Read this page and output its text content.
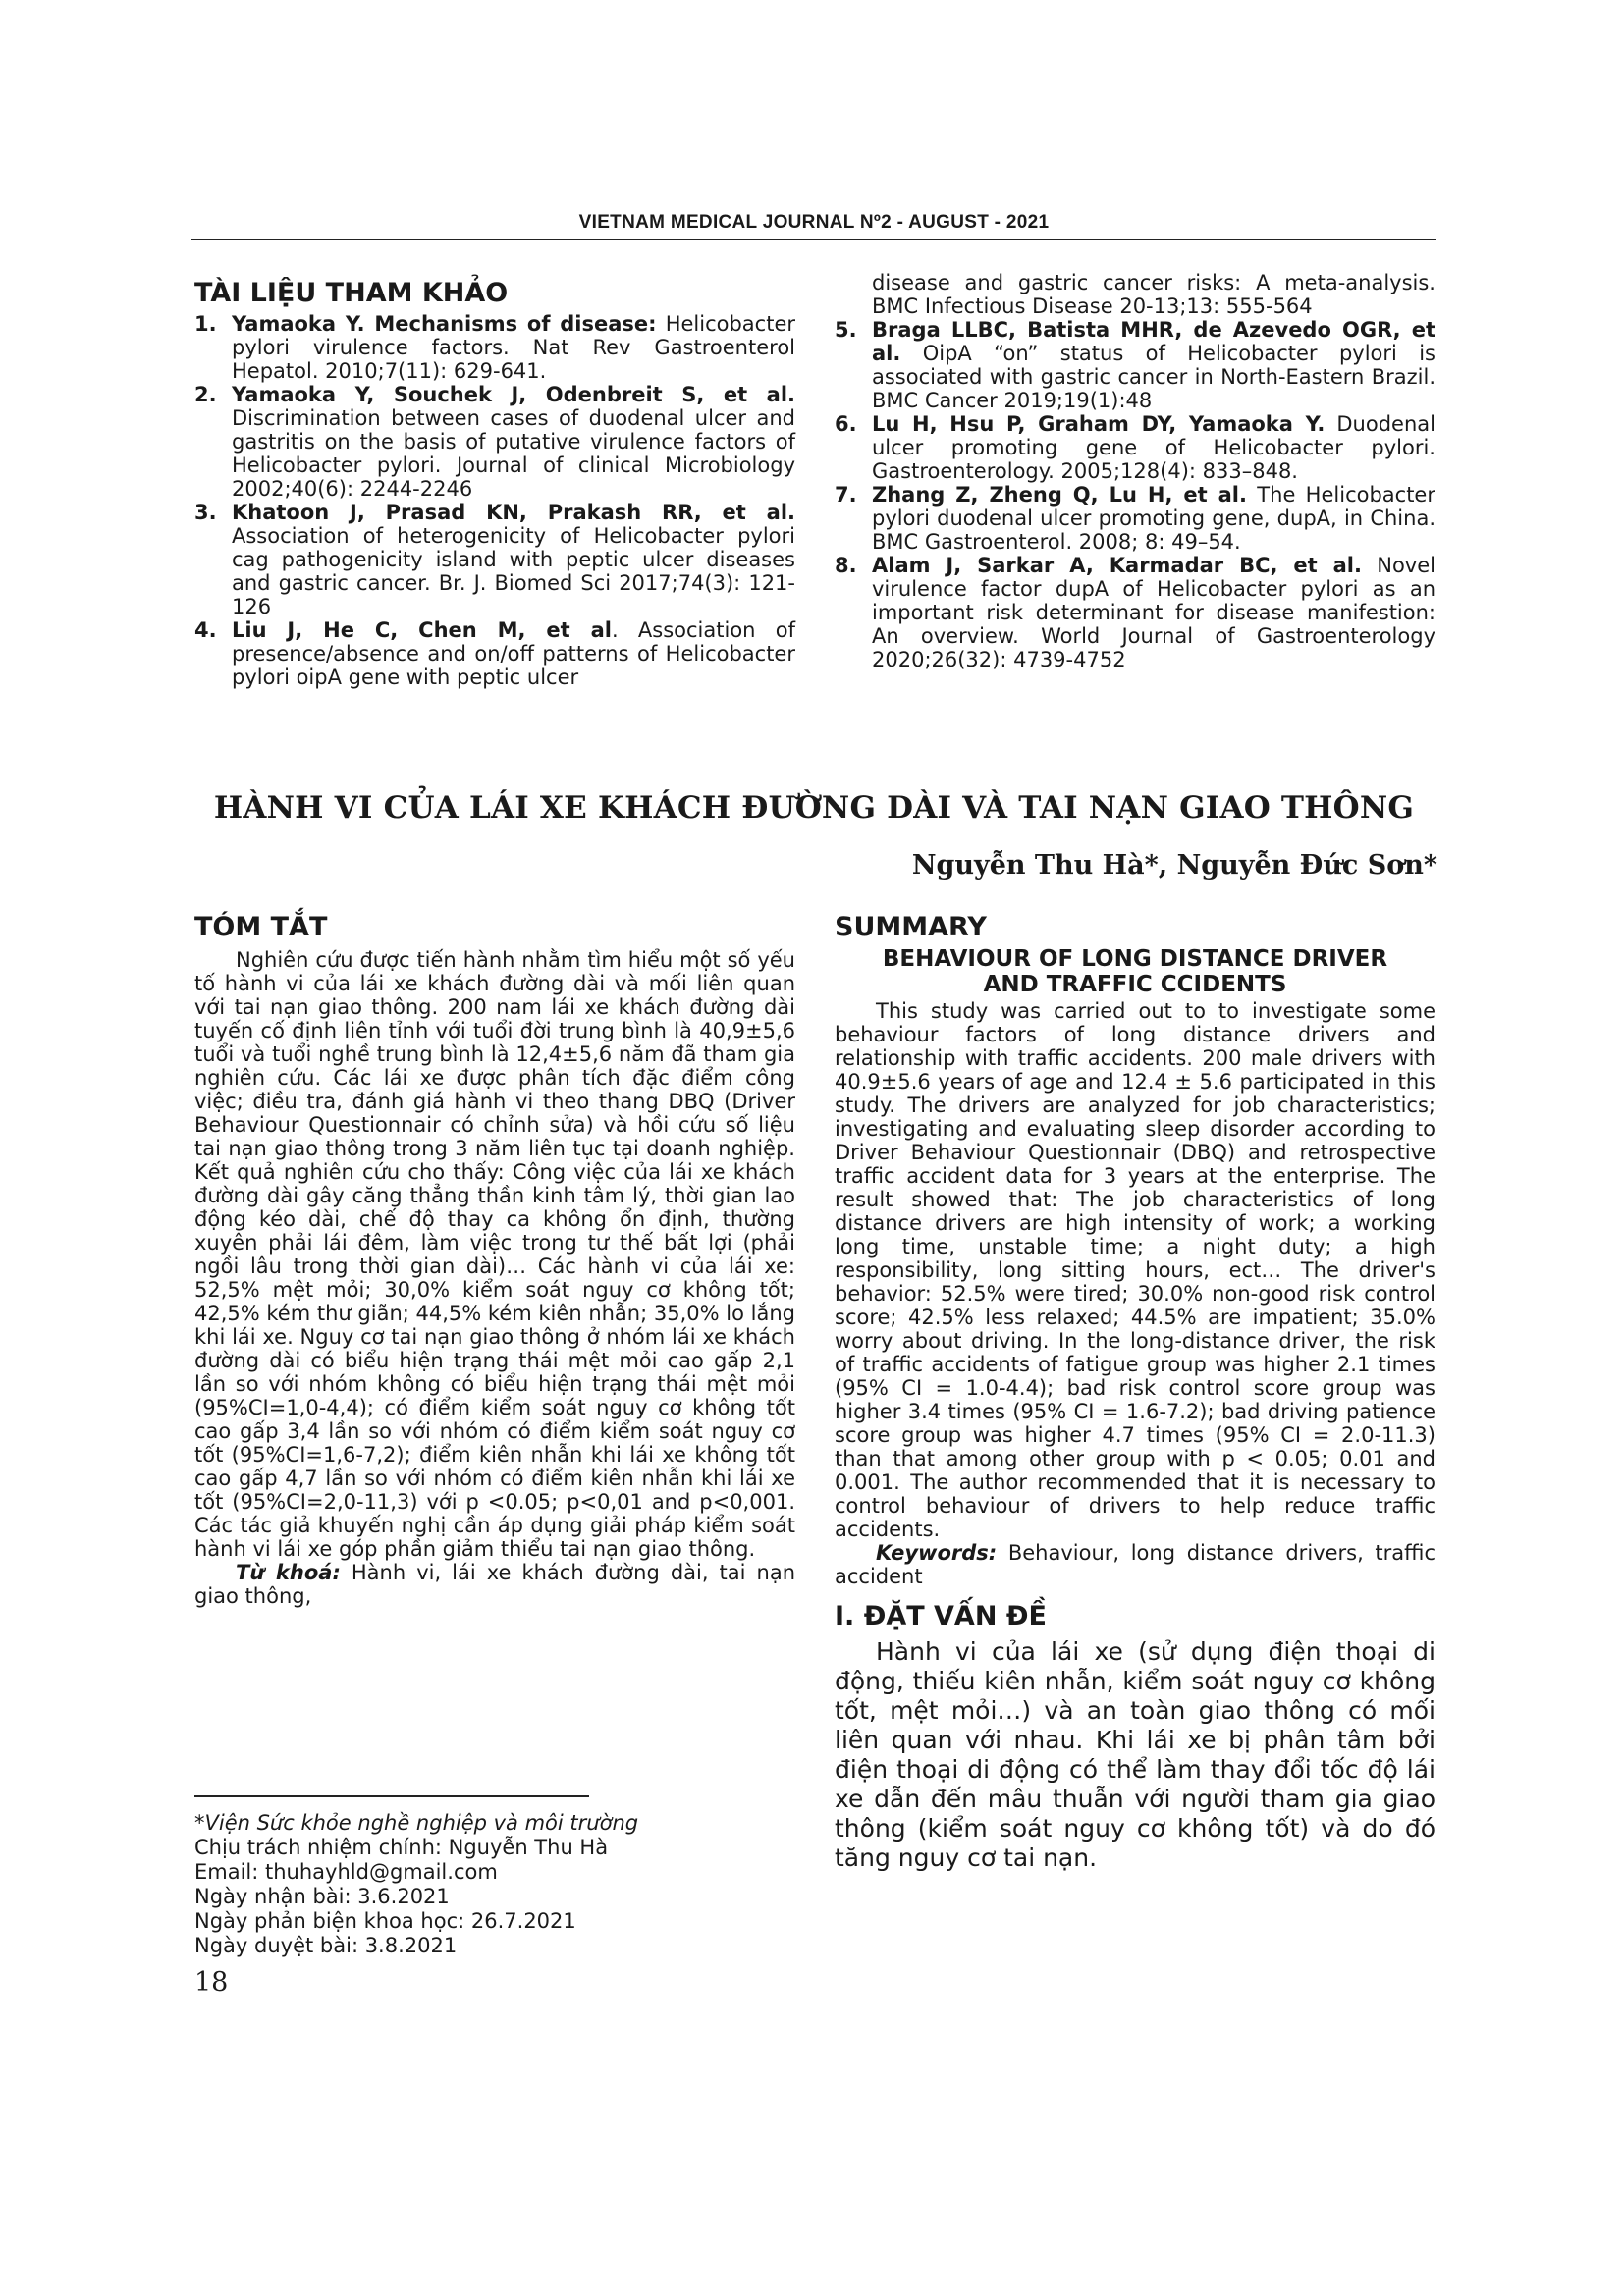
VIETNAM MEDICAL JOURNAL Nº2 - AUGUST - 2021
TÀI LIỆU THAM KHẢO
1. Yamaoka Y. Mechanisms of disease: Helicobacter pylori virulence factors. Nat Rev Gastroenterol Hepatol. 2010;7(11): 629-641.
2. Yamaoka Y, Souchek J, Odenbreit S, et al. Discrimination between cases of duodenal ulcer and gastritis on the basis of putative virulence factors of Helicobacter pylori. Journal of clinical Microbiology 2002;40(6): 2244-2246
3. Khatoon J, Prasad KN, Prakash RR, et al. Association of heterogenicity of Helicobacter pylori cag pathogenicity island with peptic ulcer diseases and gastric cancer. Br. J. Biomed Sci 2017;74(3): 121-126
4. Liu J, He C, Chen M, et al. Association of presence/absence and on/off patterns of Helicobacter pylori oipA gene with peptic ulcer

disease and gastric cancer risks: A meta-analysis. BMC Infectious Disease 20-13;13: 555-564

5. Braga LLBC, Batista MHR, de Azevedo OGR, et al. OipA “on” status of Helicobacter pylori is associated with gastric cancer in North-Eastern Brazil. BMC Cancer 2019;19(1):48
6. Lu H, Hsu P, Graham DY, Yamaoka Y. Duodenal ulcer promoting gene of Helicobacter pylori. Gastroenterology. 2005;128(4): 833–848.
7. Zhang Z, Zheng Q, Lu H, et al. The Helicobacter pylori duodenal ulcer promoting gene, dupA, in China. BMC Gastroenterol. 2008; 8: 49–54.
8. Alam J, Sarkar A, Karmadar BC, et al. Novel virulence factor dupA of Helicobacter pylori as an important risk determinant for disease manifestion: An overview. World Journal of Gastroenterology 2020;26(32): 4739-4752
HÀNH VI CỦA LÁI XE KHÁCH ĐƯỜNG DÀI VÀ TAI NẠN GIAO THÔNG
Nguyễn Thu Hà*, Nguyễn Đức Sơn*
TÓM TẮT

Nghiên cứu được tiến hành nhằm tìm hiểu một số yếu tố hành vi của lái xe khách đường dài và mối liên quan với tai nạn giao thông. 200 nam lái xe khách đường dài tuyến cố định liên tỉnh với tuổi đời trung bình là 40,9±5,6 tuổi và tuổi nghề trung bình là 12,4±5,6 năm đã tham gia nghiên cứu. Các lái xe được phân tích đặc điểm công việc; điều tra, đánh giá hành vi theo thang DBQ (Driver Behaviour Questionnair có chỉnh sửa) và hồi cứu số liệu tai nạn giao thông trong 3 năm liên tục tại doanh nghiệp. Kết quả nghiên cứu cho thấy: Công việc của lái xe khách đường dài gây căng thẳng thần kinh tâm lý, thời gian lao động kéo dài, chế độ thay ca không ổn định, thường xuyên phải lái đêm, làm việc trong tư thế bất lợi (phải ngồi lâu trong thời gian dài)… Các hành vi của lái xe: 52,5% mệt mỏi; 30,0% kiểm soát nguy cơ không tốt; 42,5% kém thư giãn; 44,5% kém kiên nhẫn; 35,0% lo lắng khi lái xe. Nguy cơ tai nạn giao thông ở nhóm lái xe khách đường dài có biểu hiện trạng thái mệt mỏi cao gấp 2,1 lần so với nhóm không có biểu hiện trạng thái mệt mỏi (95%CI=1,0-4,4); có điểm kiểm soát nguy cơ không tốt cao gấp 3,4 lần so với nhóm có điểm kiểm soát nguy cơ tốt (95%CI=1,6-7,2); điểm kiên nhẫn khi lái xe không tốt cao gấp 4,7 lần so với nhóm có điểm kiên nhẫn khi lái xe tốt (95%CI=2,0-11,3) với p <0.05; p<0,01 and p<0,001. Các tác giả khuyến nghị cần áp dụng giải pháp kiểm soát hành vi lái xe góp phần giảm thiểu tai nạn giao thông.

Từ khoá: Hành vi, lái xe khách đường dài, tai nạn giao thông,

*Viện Sức khỏe nghề nghiệp và môi trường
Chịu trách nhiệm chính: Nguyễn Thu Hà
Email: thuhayhld@gmail.com
Ngày nhận bài: 3.6.2021
Ngày phản biện khoa học: 26.7.2021
Ngày duyệt bài: 3.8.2021
18
SUMMARY
BEHAVIOUR OF LONG DISTANCE DRIVER
AND TRAFFIC CCIDENTS

This study was carried out to to investigate some behaviour factors of long distance drivers and relationship with traffic accidents. 200 male drivers with 40.9±5.6 years of age and 12.4 ± 5.6 participated in this study. The drivers are analyzed for job characteristics; investigating and evaluating sleep disorder according to Driver Behaviour Questionnair (DBQ) and retrospective traffic accident data for 3 years at the enterprise. The result showed that: The job characteristics of long distance drivers are high intensity of work; a working long time, unstable time; a night duty; a high responsibility, long sitting hours, ect… The driver's behavior: 52.5% were tired; 30.0% non-good risk control score; 42.5% less relaxed; 44.5% are impatient; 35.0% worry about driving. In the long-distance driver, the risk of traffic accidents of fatigue group was higher 2.1 times (95% CI = 1.0-4.4); bad risk control score group was higher 3.4 times (95% CI = 1.6-7.2); bad driving patience score group was higher 4.7 times (95% CI = 2.0-11.3) than that among other group with p < 0.05; 0.01 and 0.001. The author recommended that it is necessary to control behaviour of drivers to help reduce traffic accidents.

Keywords: Behaviour, long distance drivers, traffic accident

I. ĐẶT VẤN ĐỀ

Hành vi của lái xe (sử dụng điện thoại di động, thiếu kiên nhẫn, kiểm soát nguy cơ không tốt, mệt mỏi…) và an toàn giao thông có mối liên quan với nhau. Khi lái xe bị phân tâm bởi điện thoại di động có thể làm thay đổi tốc độ lái xe dẫn đến mâu thuẫn với người tham gia giao thông (kiểm soát nguy cơ không tốt) và do đó tăng nguy cơ tai nạn.
